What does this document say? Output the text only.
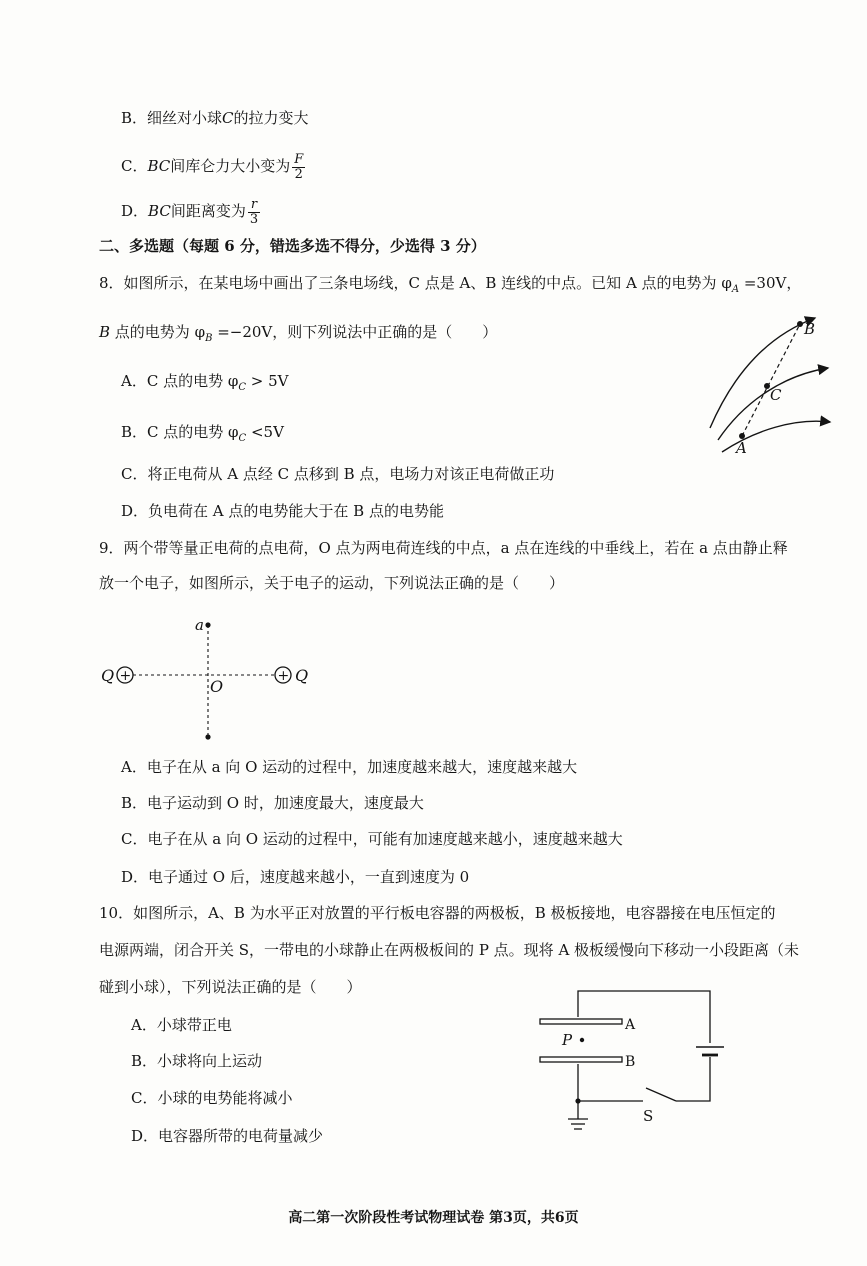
B．细丝对小球C的拉力变大
C．BC间库仑力大小变为 $\frac{F}{2}$
D．BC间距离变为 $\frac{r}{3}$
二、多选题（每题 6 分，错选多选不得分，少选得 3 分）
8．如图所示，在某电场中画出了三条电场线，C 点是 A、B 连线的中点。已知 A 点的电势为 $\varphi_A =30V$，
B 点的电势为 $\varphi_B =-20V$，则下列说法中正确的是（　　）
A．C 点的电势 $\varphi_C > 5V$
B．C 点的电势 $\varphi_C <5V$
C．将正电荷从 A 点经 C 点移到 B 点，电场力对该正电荷做正功
D．负电荷在 A 点的电势能大于在 B 点的电势能
A
C
B
9．两个带等量正电荷的点电荷，O 点为两电荷连线的中点，a 点在连线的中垂线上，若在 a 点由静止释
放一个电子，如图所示，关于电子的运动，下列说法正确的是（　　）
+	+
Q	Q
a
O
A．电子在从 a 向 O 运动的过程中，加速度越来越大，速度越来越大
B．电子运动到 O 时，加速度最大，速度最大
C．电子在从 a 向 O 运动的过程中，可能有加速度越来越小，速度越来越大
D．电子通过 O 后，速度越来越小，一直到速度为 0
10．如图所示，A、B 为水平正对放置的平行板电容器的两极板，B 极板接地，电容器接在电压恒定的
电源两端，闭合开关 S，一带电的小球静止在两极板间的 P 点。现将 A 极板缓慢向下移动一小段距离（未
碰到小球），下列说法正确的是（　　）
A．小球带正电
B．小球将向上运动
C．小球的电势能将减小
D．电容器所带的电荷量减少
A
B
P
S
高二第一次阶段性考试物理试卷 第3页，共6页
